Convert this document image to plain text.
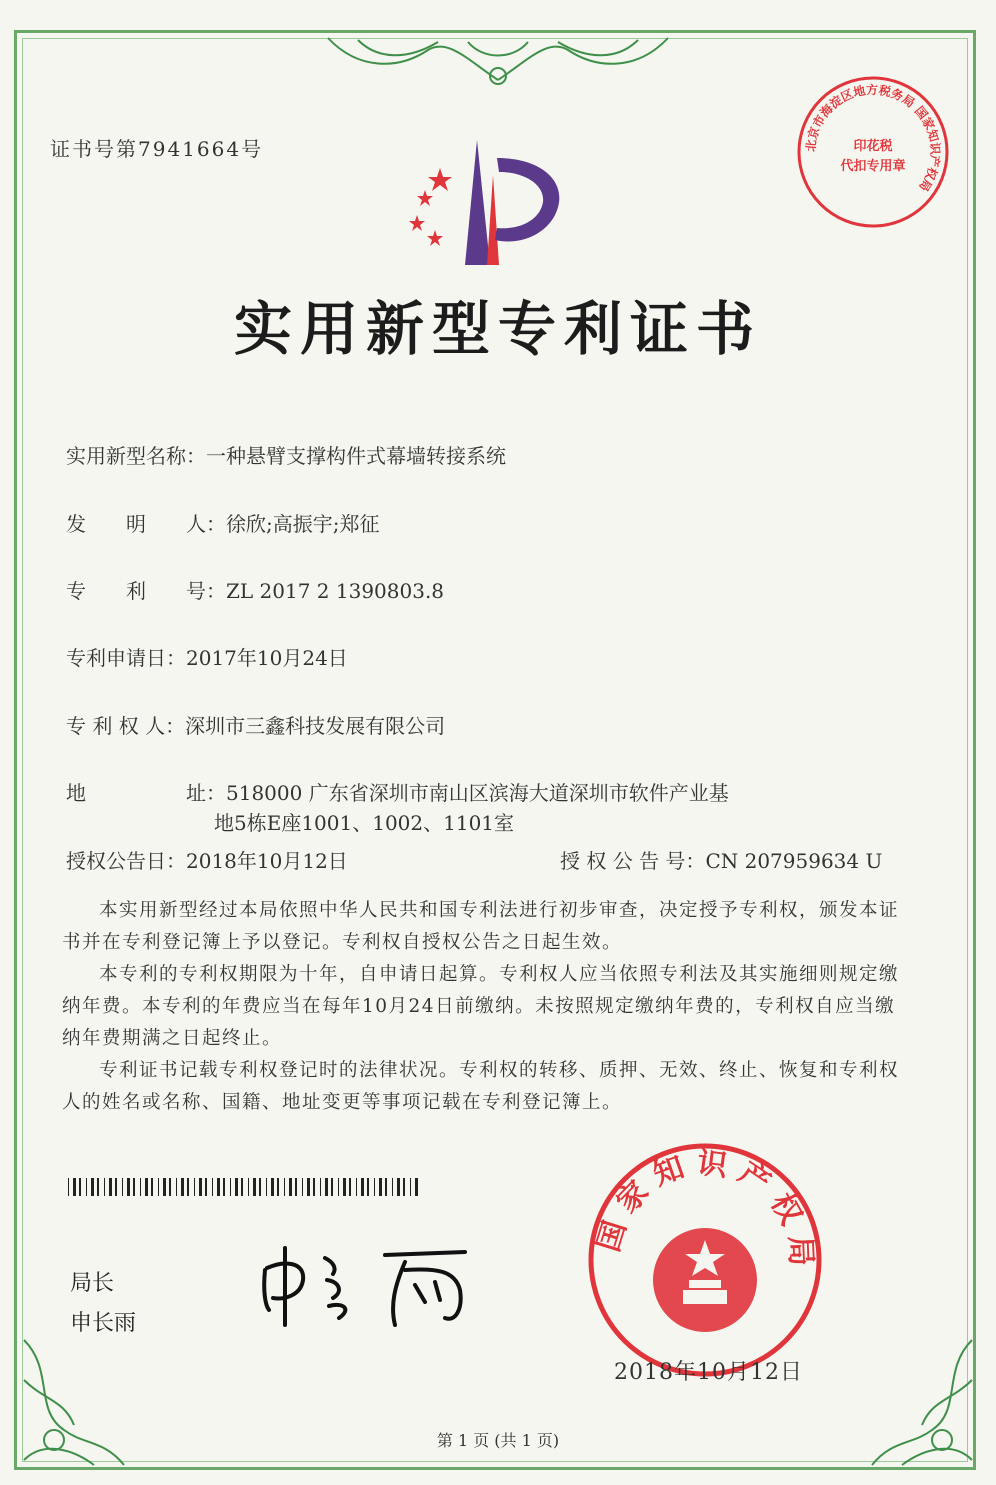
证书号第7941664号	北京市海淀区地方税务局 国家知识产权局
印花税
代扣专用章
实用新型专利证书
实用新型名称：一种悬臂支撑构件式幕墙转接系统
发　　明　　人：徐欣;高振宇;郑征
专　　利　　号：ZL 2017 2 1390803.8
专利申请日：2017年10月24日
专 利 权 人：深圳市三鑫科技发展有限公司
地　　　　　址：518000 广东省深圳市南山区滨海大道深圳市软件产业基
地5栋E座1001、1002、1101室
授权公告日：2018年10月12日	授 权 公 告 号：CN 207959634 U

本实用新型经过本局依照中华人民共和国专利法进行初步审查，决定授予专利权，颁发本证书并在专利登记簿上予以登记。专利权自授权公告之日起生效。

本专利的专利权期限为十年，自申请日起算。专利权人应当依照专利法及其实施细则规定缴纳年费。本专利的年费应当在每年10月24日前缴纳。未按照规定缴纳年费的，专利权自应当缴纳年费期满之日起终止。

专利证书记载专利权登记时的法律状况。专利权的转移、质押、无效、终止、恢复和专利权人的姓名或名称、国籍、地址变更等事项记载在专利登记簿上。

局长
申长雨
国家知识产权局
2018年10月12日
第 1 页 (共 1 页)
